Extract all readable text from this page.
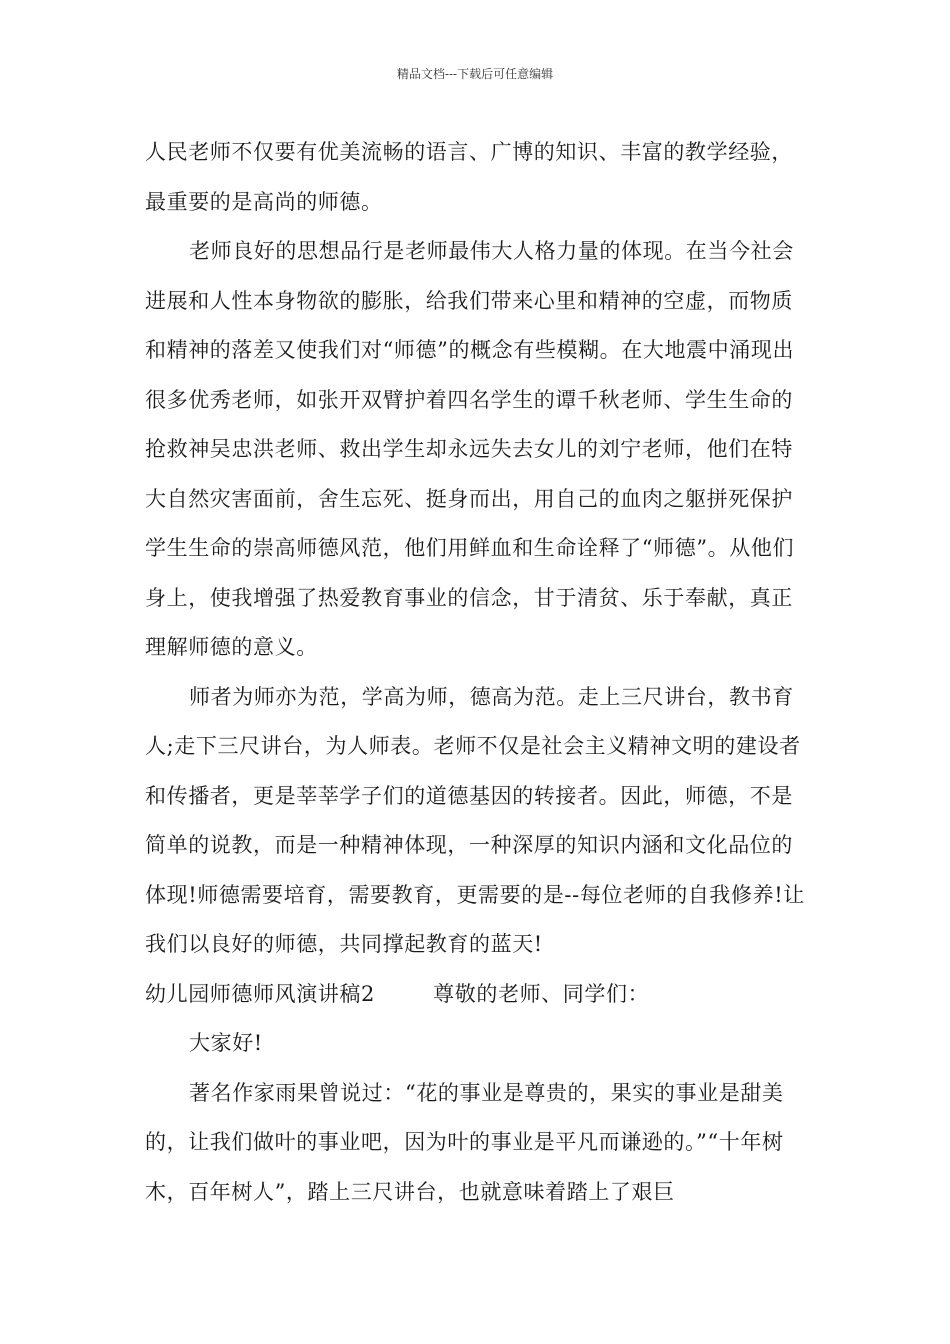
精品文档---下载后可任意编辑

人民老师不仅要有优美流畅的语言、广博的知识、丰富的教学经验，最重要的是高尚的师德。

老师良好的思想品行是老师最伟大人格力量的体现。在当今社会进展和人性本身物欲的膨胀，给我们带来心里和精神的空虚，而物质和精神的落差又使我们对“师德”的概念有些模糊。在大地震中涌现出很多优秀老师，如张开双臂护着四名学生的谭千秋老师、学生生命的抢救神吴忠洪老师、救出学生却永远失去女儿的刘宁老师，他们在特大自然灾害面前，舍生忘死、挺身而出，用自己的血肉之躯拼死保护学生生命的崇高师德风范，他们用鲜血和生命诠释了“师德”。从他们身上，使我增强了热爱教育事业的信念，甘于清贫、乐于奉献，真正理解师德的意义。

师者为师亦为范，学高为师，德高为范。走上三尺讲台，教书育人;走下三尺讲台，为人师表。老师不仅是社会主义精神文明的建设者和传播者，更是莘莘学子们的道德基因的转接者。因此，师德，不是简单的说教，而是一种精神体现，一种深厚的知识内涵和文化品位的体现!师德需要培育，需要教育，更需要的是--每位老师的自我修养!让我们以良好的师德，共同撑起教育的蓝天!

幼儿园师德师风演讲稿2	尊敬的老师、同学们：

大家好!

著名作家雨果曾说过：“花的事业是尊贵的，果实的事业是甜美的，让我们做叶的事业吧，因为叶的事业是平凡而谦逊的。”“十年树木，百年树人”，踏上三尺讲台，也就意味着踏上了艰巨
